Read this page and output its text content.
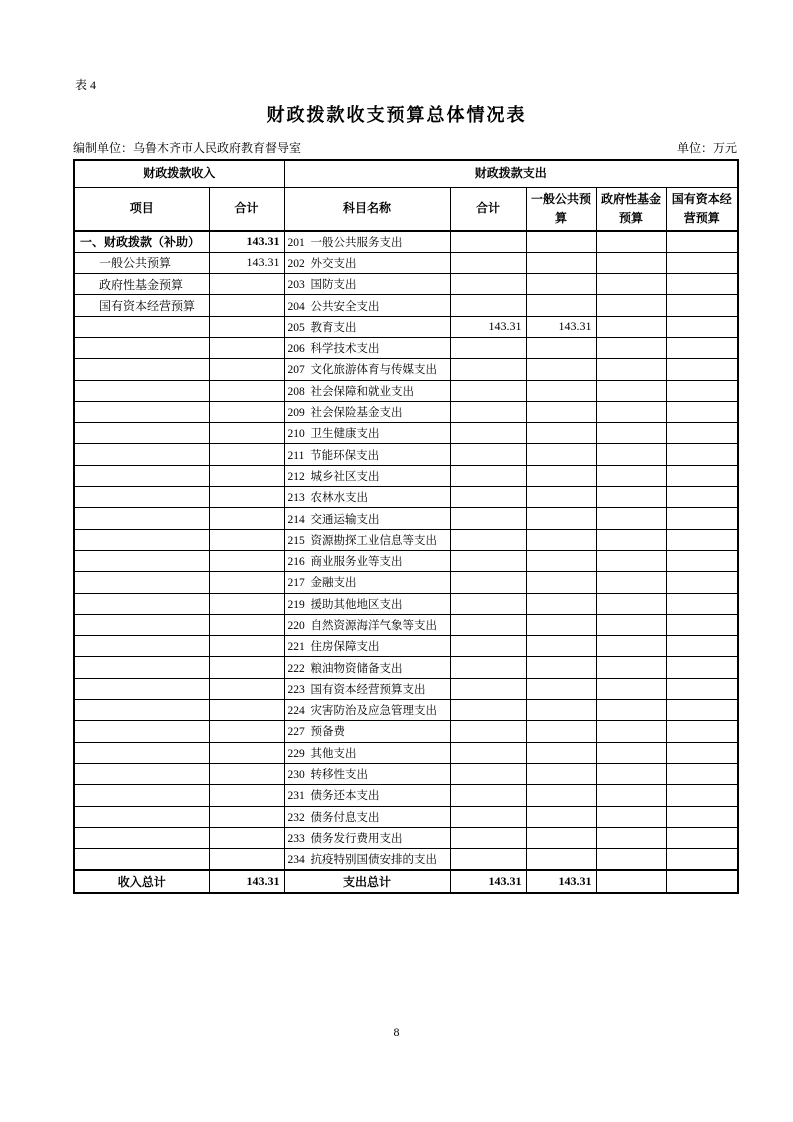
表 4
财政拨款收支预算总体情况表
编制单位：乌鲁木齐市人民政府教育督导室	单位：万元
财政拨款收入		财政拨款支出				
项目	合计	科目名称	合计	一般公共预算	政府性基金预算	国有资本经营预算
一、财政拨款（补助）	143.31	201  一般公共服务支出				
一般公共预算	143.31	202  外交支出				
政府性基金预算		203  国防支出				
国有资本经营预算		204  公共安全支出				
		205  教育支出	143.31	143.31		
		206  科学技术支出				
		207  文化旅游体育与传媒支出				
		208  社会保障和就业支出				
		209  社会保险基金支出				
		210  卫生健康支出				
		211  节能环保支出				
		212  城乡社区支出				
		213  农林水支出				
		214  交通运输支出				
		215  资源勘探工业信息等支出				
		216  商业服务业等支出				
		217  金融支出				
		219  援助其他地区支出				
		220  自然资源海洋气象等支出				
		221  住房保障支出				
		222  粮油物资储备支出				
		223  国有资本经营预算支出				
		224  灾害防治及应急管理支出				
		227  预备费				
		229  其他支出				
		230  转移性支出				
		231  债务还本支出				
		232  债务付息支出				
		233  债务发行费用支出				
		234  抗疫特别国债安排的支出				
收入总计	143.31	支出总计	143.31	143.31		
8
